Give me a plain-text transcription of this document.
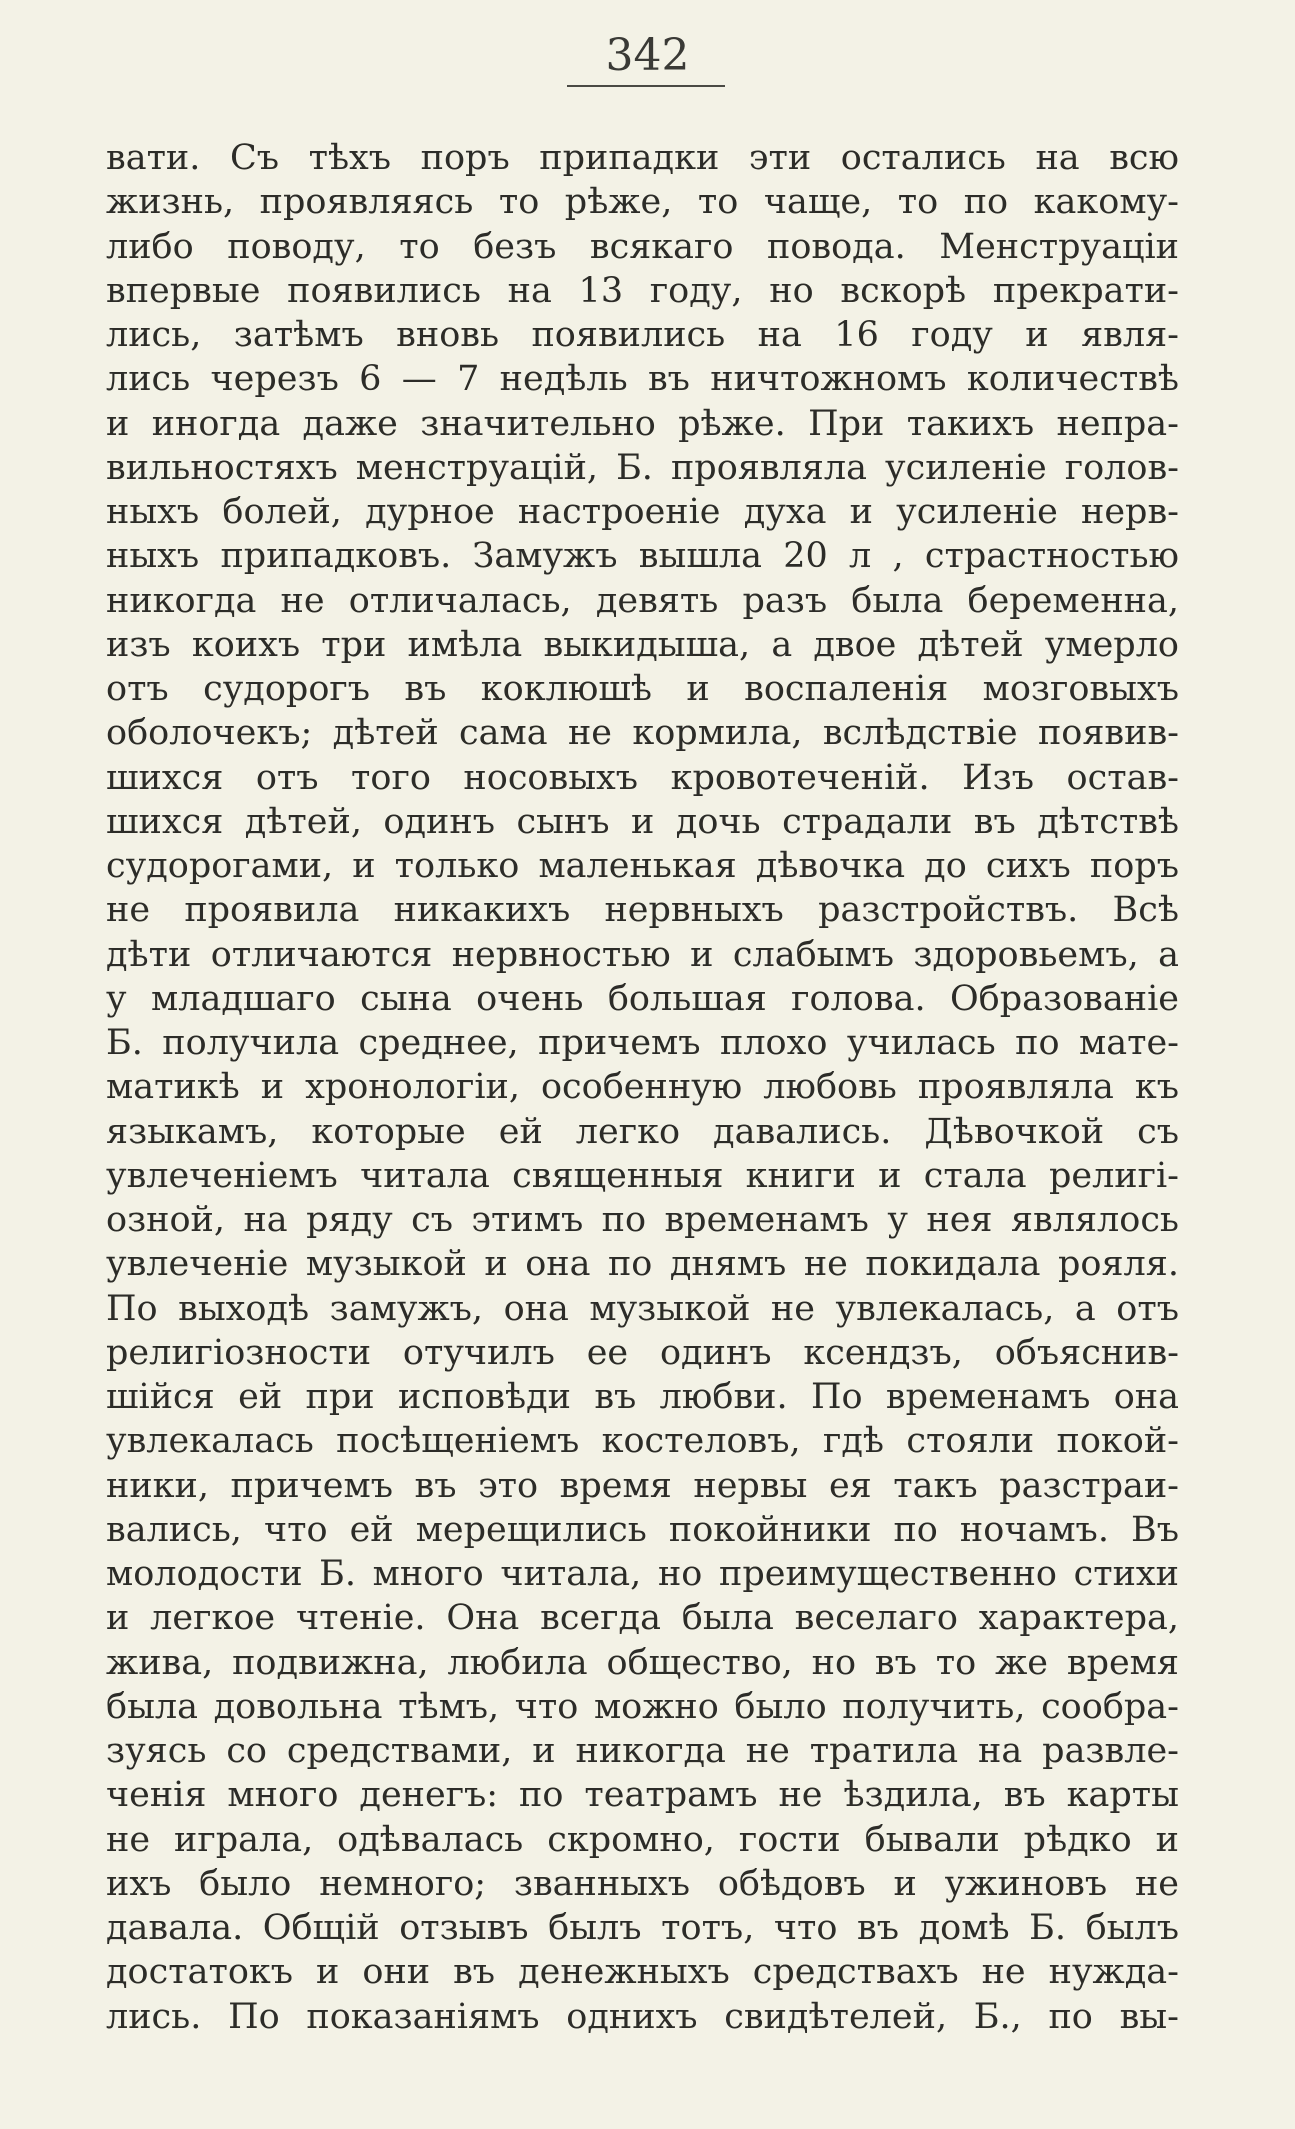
342
вати. Съ тѣхъ поръ припадки эти остались на всю
жизнь, проявляясь то рѣже, то чаще, то по какому-
либо поводу, то безъ всякаго повода. Менструаціи
впервые появились на 13 году, но вскорѣ прекрати-
лись, затѣмъ вновь появились на 16 году и явля-
лись черезъ 6 — 7 недѣль въ ничтожномъ количествѣ
и иногда даже значительно рѣже. При такихъ непра-
вильностяхъ менструацій, Б. проявляла усиленіе голов-
ныхъ болей, дурное настроеніе духа и усиленіе нерв-
ныхъ припадковъ. Замужъ вышла 20 л , страстностью
никогда не отличалась, девять разъ была беременна,
изъ коихъ три имѣла выкидыша, а двое дѣтей умерло
отъ судорогъ въ коклюшѣ и воспаленія мозговыхъ
оболочекъ; дѣтей сама не кормила, вслѣдствіе появив-
шихся отъ того носовыхъ кровотеченій. Изъ остав-
шихся дѣтей, одинъ сынъ и дочь страдали въ дѣтствѣ
судорогами, и только маленькая дѣвочка до сихъ поръ
не проявила никакихъ нервныхъ разстройствъ. Всѣ
дѣти отличаются нервностью и слабымъ здоровьемъ, а
у младшаго сына очень большая голова. Образованіе
Б. получила среднее, причемъ плохо училась по мате-
матикѣ и хронологіи, особенную любовь проявляла къ
языкамъ, которые ей легко давались. Дѣвочкой съ
увлеченіемъ читала священныя книги и стала религі-
озной, на ряду съ этимъ по временамъ у нея являлось
увлеченіе музыкой и она по днямъ не покидала рояля.
По выходѣ замужъ, она музыкой не увлекалась, а отъ
религіозности отучилъ ее одинъ ксендзъ, объяснив-
шійся ей при исповѣди въ любви. По временамъ она
увлекалась посѣщеніемъ костеловъ, гдѣ стояли покой-
ники, причемъ въ это время нервы ея такъ разстраи-
вались, что ей мерещились покойники по ночамъ. Въ
молодости Б. много читала, но преимущественно стихи
и легкое чтеніе. Она всегда была веселаго характера,
жива, подвижна, любила общество, но въ то же время
была довольна тѣмъ, что можно было получить, сообра-
зуясь со средствами, и никогда не тратила на развле-
ченія много денегъ: по театрамъ не ѣздила, въ карты
не играла, одѣвалась скромно, гости бывали рѣдко и
ихъ было немного; званныхъ обѣдовъ и ужиновъ не
давала. Общій отзывъ былъ тотъ, что въ домѣ Б. былъ
достатокъ и они въ денежныхъ средствахъ не нужда-
лись. По показаніямъ однихъ свидѣтелей, Б., по вы-
